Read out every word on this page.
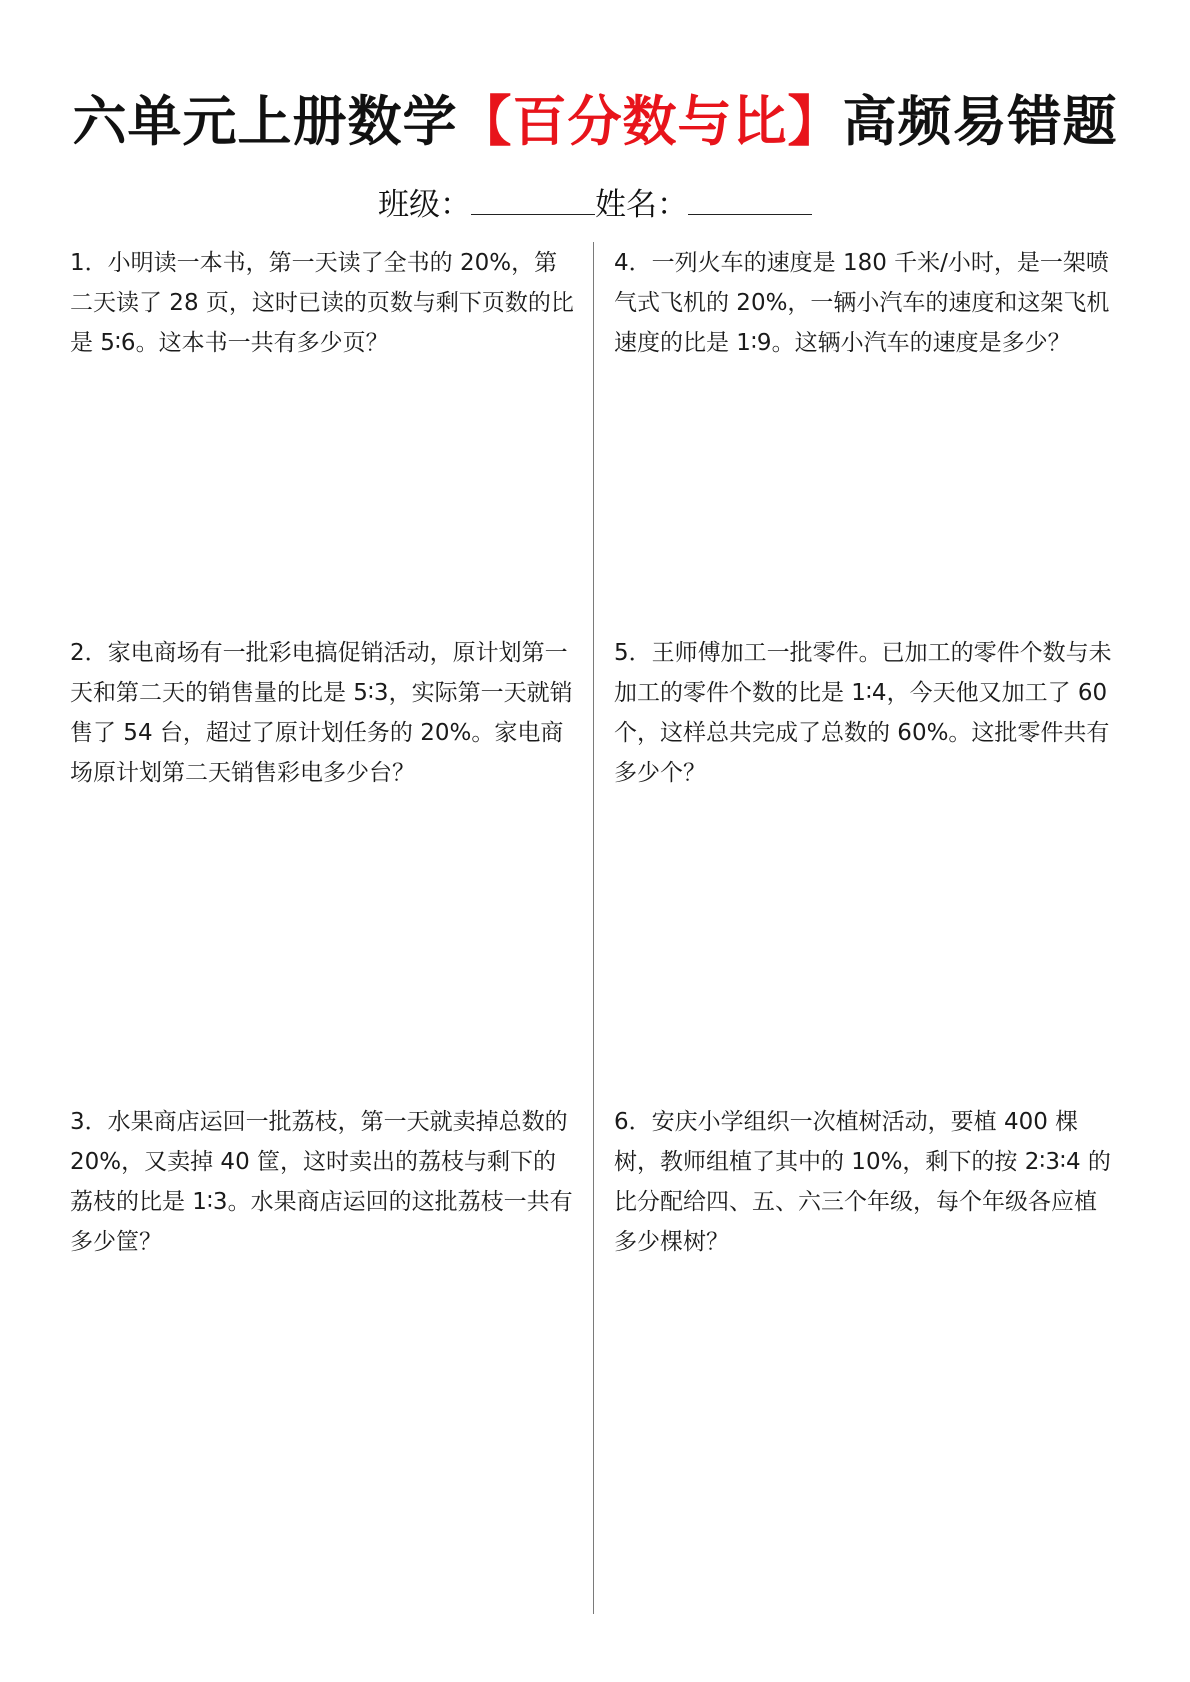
六单元上册数学【百分数与比】高频易错题
班级：	姓名：
1．小明读一本书，第一天读了全书的 20%，第二天读了 28 页，这时已读的页数与剩下页数的比是 5∶6。这本书一共有多少页？
2．家电商场有一批彩电搞促销活动，原计划第一天和第二天的销售量的比是 5∶3，实际第一天就销售了 54 台，超过了原计划任务的 20%。家电商场原计划第二天销售彩电多少台？
3．水果商店运回一批荔枝，第一天就卖掉总数的 20%，又卖掉 40 筐，这时卖出的荔枝与剩下的荔枝的比是 1∶3。水果商店运回的这批荔枝一共有多少筐？
4．一列火车的速度是 180 千米/小时，是一架喷气式飞机的 20%，一辆小汽车的速度和这架飞机速度的比是 1∶9。这辆小汽车的速度是多少？
5．王师傅加工一批零件。已加工的零件个数与未加工的零件个数的比是 1∶4，今天他又加工了 60 个，这样总共完成了总数的 60%。这批零件共有多少个？
6．安庆小学组织一次植树活动，要植 400 棵树，教师组植了其中的 10%，剩下的按 2∶3∶4 的比分配给四、五、六三个年级，每个年级各应植多少棵树？
